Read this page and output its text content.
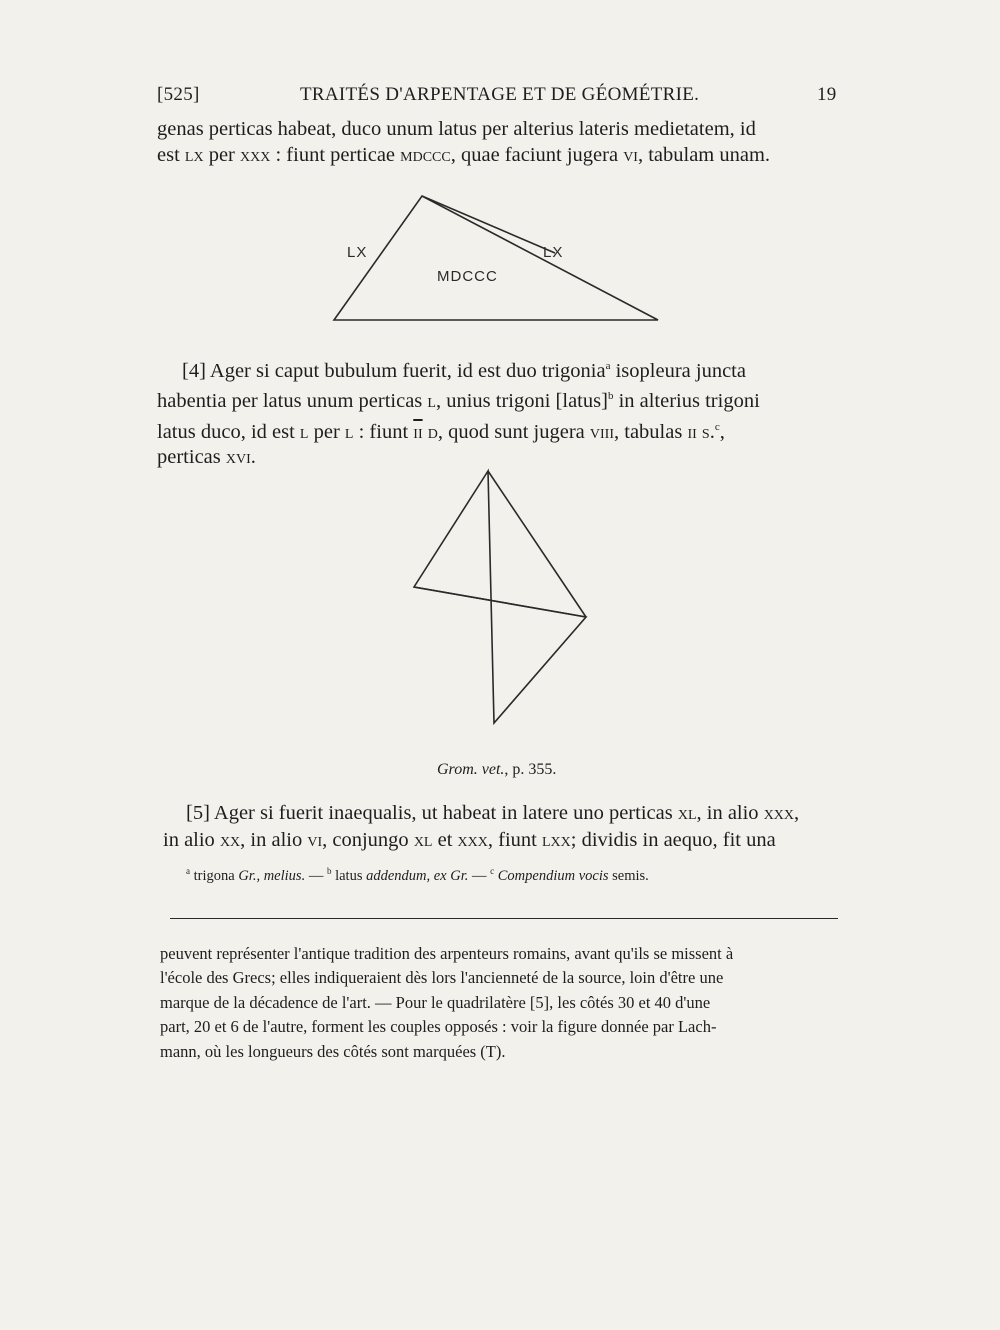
[525]	TRAITÉS D'ARPENTAGE ET DE GÉOMÉTRIE.	19
genas perticas habeat, duco unum latus per alterius lateris medietatem, id
est lx per xxx : fiunt perticae mdccc, quae faciunt jugera vi, tabulam unam.
LX	LX
MDCCC
[4] Ager si caput bubulum fuerit, id est duo trigonia$^a$ isopleura juncta
habentia per latus unum perticas l, unius trigoni [latus]$^b$ in alterius trigoni
latus duco, id est l per l : fiunt $\overline{ii}$ d, quod sunt jugera viii, tabulas ii s.$^c$,
perticas xvi.
Grom. vet., p. 355.
[5] Ager si fuerit inaequalis, ut habeat in latere uno perticas xl, in alio xxx,
in alio xx, in alio vi, conjungo xl et xxx, fiunt lxx; dividis in aequo, fit una
$^a$ trigona Gr., melius. — $^b$ latus addendum, ex Gr. — $^c$ Compendium vocis semis.
peuvent représenter l'antique tradition des arpenteurs romains, avant qu'ils se missent à
l'école des Grecs; elles indiqueraient dès lors l'ancienneté de la source, loin d'être une
marque de la décadence de l'art. — Pour le quadrilatère [5], les côtés 30 et 40 d'une
part, 20 et 6 de l'autre, forment les couples opposés : voir la figure donnée par Lach-
mann, où les longueurs des côtés sont marquées (T).
